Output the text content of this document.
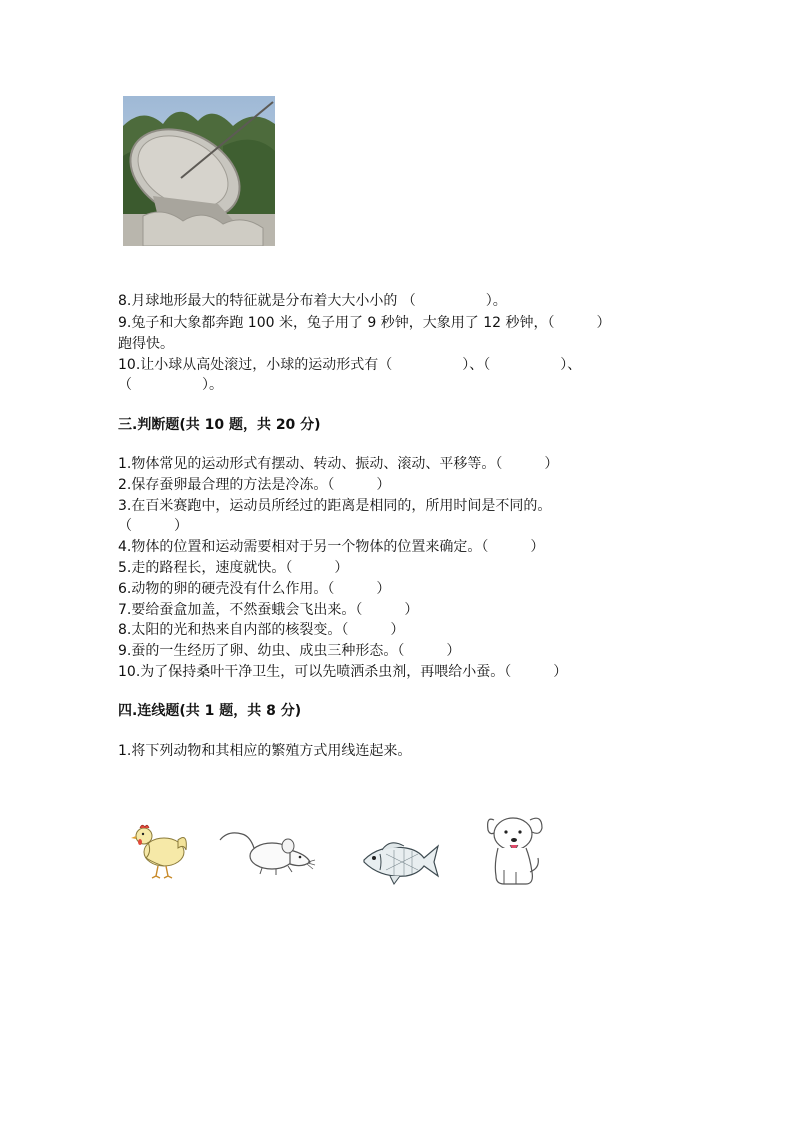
8.月球地形最大的特征就是分布着大大小小的 （　　　　　）。
9.兔子和大象都奔跑 100 米，兔子用了 9 秒钟，大象用了 12 秒钟，（　　　）
跑得快。
10.让小球从高处滚过，小球的运动形式有（　　　　　）、（　　　　　）、
（　　　　　）。
三.判断题(共 10 题，共 20 分)
1.物体常见的运动形式有摆动、转动、振动、滚动、平移等。（　　　）
2.保存蚕卵最合理的方法是冷冻。（　　　）
3.在百米赛跑中，运动员所经过的距离是相同的，所用时间是不同的。
（　　　）
4.物体的位置和运动需要相对于另一个物体的位置来确定。（　　　）
5.走的路程长，速度就快。（　　　）
6.动物的卵的硬壳没有什么作用。（　　　）
7.要给蚕盒加盖，不然蚕蛾会飞出来。（　　　）
8.太阳的光和热来自内部的核裂变。（　　　）
9.蚕的一生经历了卵、幼虫、成虫三种形态。（　　　）
10.为了保持桑叶干净卫生，可以先喷洒杀虫剂，再喂给小蚕。（　　　）
四.连线题(共 1 题，共 8 分)
1.将下列动物和其相应的繁殖方式用线连起来。
